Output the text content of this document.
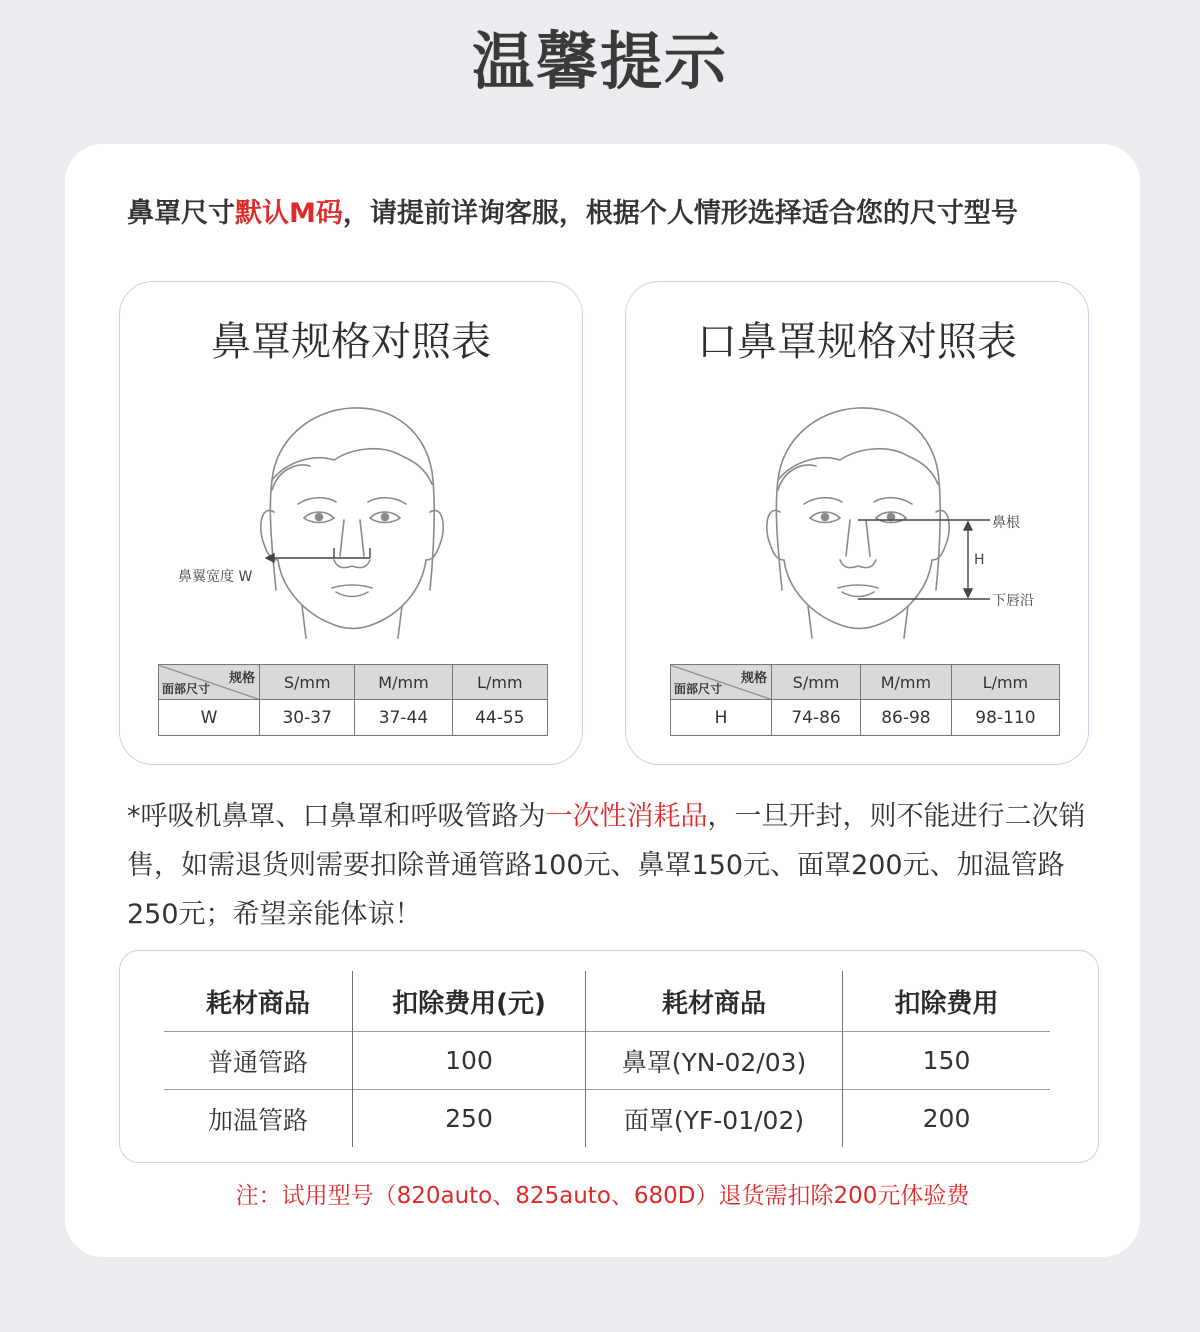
温馨提示
鼻罩尺寸默认M码，请提前详询客服，根据个人情形选择适合您的尺寸型号
鼻罩规格对照表
鼻翼宽度 W
规格
面部尺寸	S/mm	M/mm	L/mm
W	30-37	37-44	44-55
口鼻罩规格对照表
鼻根
H
下唇沿
规格
面部尺寸	S/mm	M/mm	L/mm
H	74-86	86-98	98-110
*呼吸机鼻罩、口鼻罩和呼吸管路为一次性消耗品，一旦开封，则不能进行二次销售，如需退货则需要扣除普通管路100元、鼻罩150元、面罩200元、加温管路250元；希望亲能体谅！
耗材商品	扣除费用(元)	耗材商品	扣除费用
普通管路	100	鼻罩(YN-02/03)	150
加温管路	250	面罩(YF-01/02)	200
注：试用型号（820auto、825auto、680D）退货需扣除200元体验费
